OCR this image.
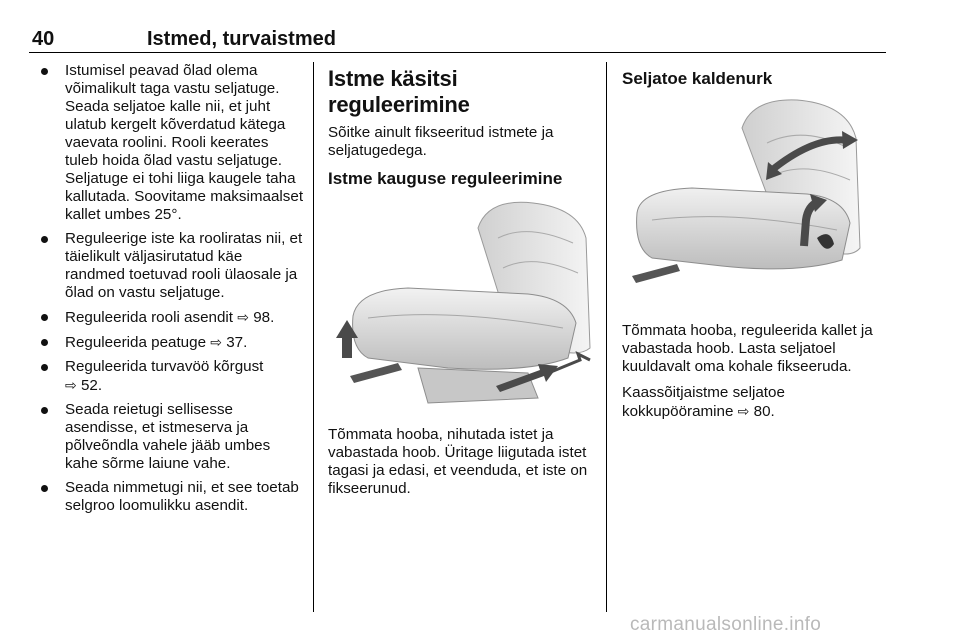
40	Istmed, turvaistmed
Istumisel peavad õlad olema võimalikult taga vastu seljatuge. Seada seljatoe kalle nii, et juht ulatub kergelt kõverdatud kätega vaevata roolini. Rooli keerates tuleb hoida õlad vastu seljatuge. Seljatuge ei tohi liiga kaugele taha kallutada. Soovitame maksimaalset kallet umbes 25°.
Reguleerige iste ka rooliratas nii, et täielikult väljasirutatud käe randmed toetuvad rooli ülaosale ja õlad on vastu seljatuge.
Reguleerida rooli asendit ⇨ 98.
Reguleerida peatuge ⇨ 37.
Reguleerida turvavöö kõrgust
⇨ 52.
Seada reietugi sellisesse asendisse, et istmeserva ja põlveõndla vahele jääb umbes kahe sõrme laiune vahe.
Seada nimmetugi nii, et see toetab selgroo loomulikku asendit.
Istme käsitsi reguleerimine

Sõitke ainult fikseeritud istmete ja seljatugedega.

Istme kauguse reguleerimine

Tõmmata hooba, nihutada istet ja vabastada hoob. Üritage liigutada istet tagasi ja edasi, et veenduda, et iste on fikseerunud.

Seljatoe kaldenurk

Tõmmata hooba, reguleerida kallet ja vabastada hoob. Lasta seljatoel kuuldavalt oma kohale fikseeruda.

Kaassõitjaistme seljatoe kokkupööramine ⇨ 80.

carmanualsonline.info
